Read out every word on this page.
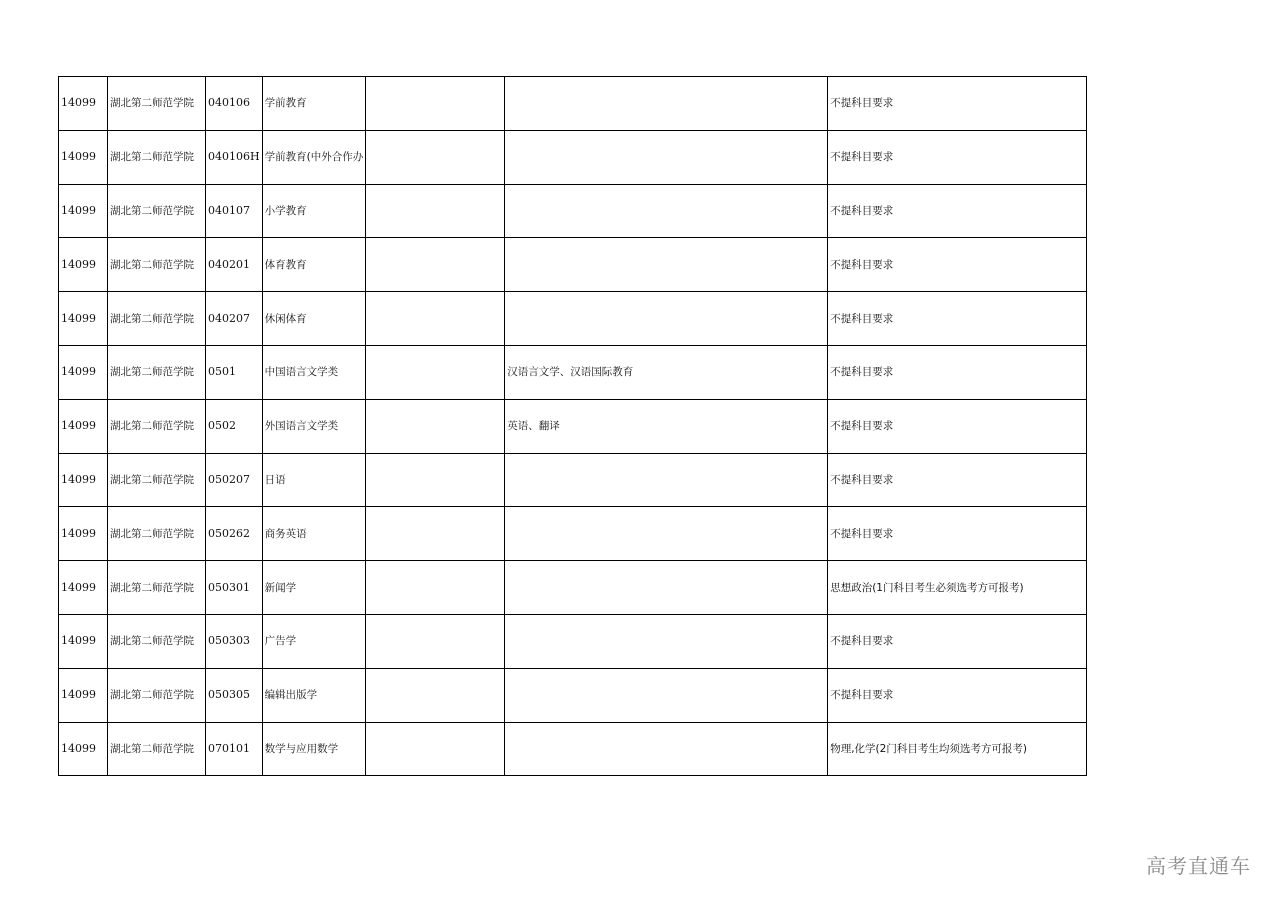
14099	湖北第二师范学院	040106	学前教育			不提科目要求
14099	湖北第二师范学院	040106H	学前教育(中外合作办			不提科目要求
14099	湖北第二师范学院	040107	小学教育			不提科目要求
14099	湖北第二师范学院	040201	体育教育			不提科目要求
14099	湖北第二师范学院	040207	休闲体育			不提科目要求
14099	湖北第二师范学院	0501	中国语言文学类		汉语言文学、汉语国际教育	不提科目要求
14099	湖北第二师范学院	0502	外国语言文学类		英语、翻译	不提科目要求
14099	湖北第二师范学院	050207	日语			不提科目要求
14099	湖北第二师范学院	050262	商务英语			不提科目要求
14099	湖北第二师范学院	050301	新闻学			思想政治(1门科目考生必须选考方可报考)
14099	湖北第二师范学院	050303	广告学			不提科目要求
14099	湖北第二师范学院	050305	编辑出版学			不提科目要求
14099	湖北第二师范学院	070101	数学与应用数学			物理,化学(2门科目考生均须选考方可报考)
高考直通车
